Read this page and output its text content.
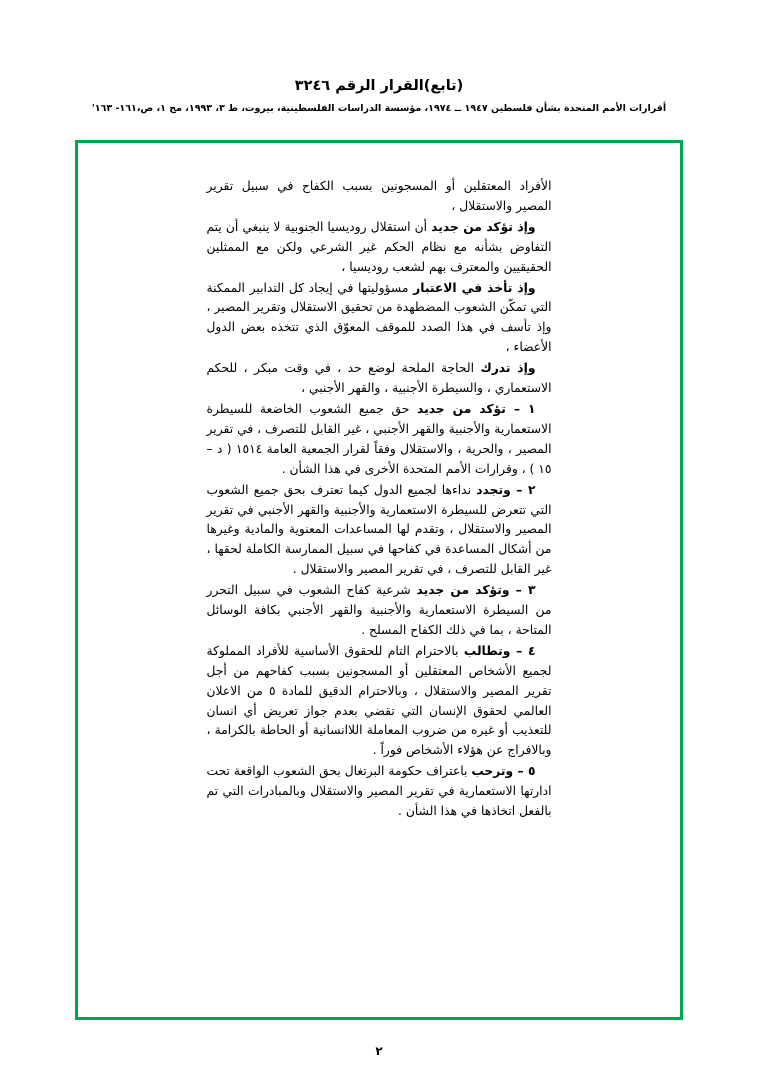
(تابع)القرار الرقم ٣٢٤٦
أقرارات الأمم المتحدة بشأن فلسطين ١٩٤٧ ــ ١٩٧٤، مؤسسة الدراسات الفلسطينية، بيروت، ط ٣، ١٩٩٣، مج ١، ص،١٦١- ١٦٣'

الأفراد المعتقلين أو المسجونين بسبب الكفاح في سبيل تقرير المصير والاستقلال ،

وإذ تؤكد من جديد أن استقلال روديسيا الجنوبية لا ينبغي أن يتم التفاوض بشأنه مع نظام الحكم غير الشرعي ولكن مع الممثلين الحقيقيين والمعترف بهم لشعب روديسيا ،

وإذ تأخذ في الاعتبار مسؤوليتها في إيجاد كل التدابير الممكنة التي تمكّن الشعوب المضطهدة من تحقيق الاستقلال وتقرير المصير ، وإذ تأسف في هذا الصدد للموقف المعوّق الذي تتخذه بعض الدول الأعضاء ،

وإذ تدرك الحاجة الملحة لوضع حد ، في وقت مبكر ، للحكم الاستعماري ، والسيطرة الأجنبية ، والقهر الأجنبي ،

١ – تؤكد من جديد حق جميع الشعوب الخاضعة للسيطرة الاستعمارية والأجنبية والقهر الأجنبي ، غير القابل للتصرف ، في تقرير المصير ، والحرية ، والاستقلال وفقاً لقرار الجمعية العامة ١٥١٤ ( د – ١٥ ) ، وقرارات الأمم المتحدة الأخرى في هذا الشأن .

٢ – وتجدد نداءها لجميع الدول كيما تعترف بحق جميع الشعوب التي تتعرض للسيطرة الاستعمارية والأجنبية والقهر الأجنبي في تقرير المصير والاستقلال ، وتقدم لها المساعدات المعنوية والمادية وغيرها من أشكال المساعدة في كفاحها في سبيل الممارسة الكاملة لحقها ، غير القابل للتصرف ، في تقرير المصير والاستقلال .

٣ – وتؤكد من جديد شرعية كفاح الشعوب في سبيل التحرر من السيطرة الاستعمارية والأجنبية والقهر الأجنبي بكافة الوسائل المتاحة ، بما في ذلك الكفاح المسلح .

٤ – وتطالب بالاحترام التام للحقوق الأساسية للأفراد المملوكة لجميع الأشخاص المعتقلين أو المسجونين بسبب كفاحهم من أجل تقرير المصير والاستقلال ، وبالاحترام الدقيق للمادة ٥ من الاعلان العالمي لحقوق الإنسان التي تقضي بعدم جواز تعريض أي انسان للتعذيب أو غيره من ضروب المعاملة اللاانسانية أو الحاطة بالكرامة ، وبالافراج عن هؤلاء الأشخاص فوراً .

٥ – وترحب باعتراف حكومة البرتغال بحق الشعوب الواقعة تحت ادارتها الاستعمارية في تقرير المصير والاستقلال وبالمبادرات التي تم بالفعل اتخاذها في هذا الشأن .

٢
